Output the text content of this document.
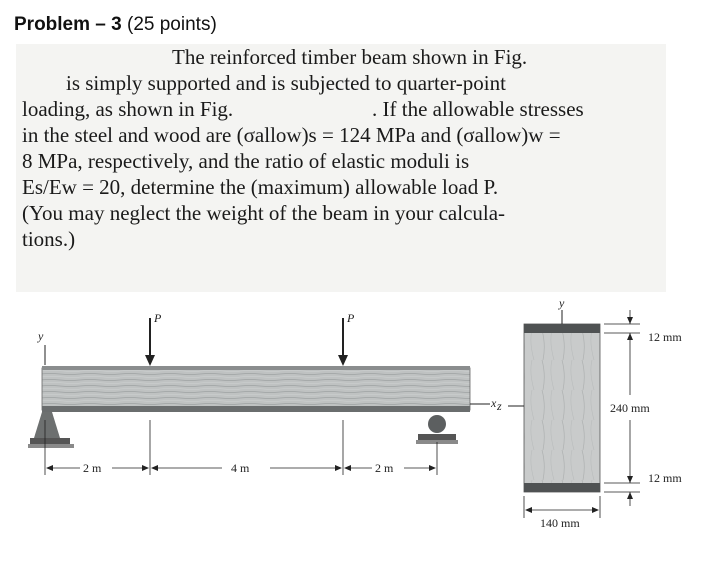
Problem – 3 (25 points)
The reinforced timber beam shown in Fig.
is simply supported and is subjected to quarter-point
loading, as shown in Fig.	. If the allowable stresses
in the steel and wood are (σallow)s = 124 MPa and (σallow)w =
8 MPa, respectively, and the ratio of elastic moduli is
Es/Ew = 20, determine the (maximum) allowable load P.
(You may neglect the weight of the beam in your calcula-
tions.)
y
x
P	P
2 m	4 m	2 m
y
z
12 mm
240 mm
12 mm
140 mm
